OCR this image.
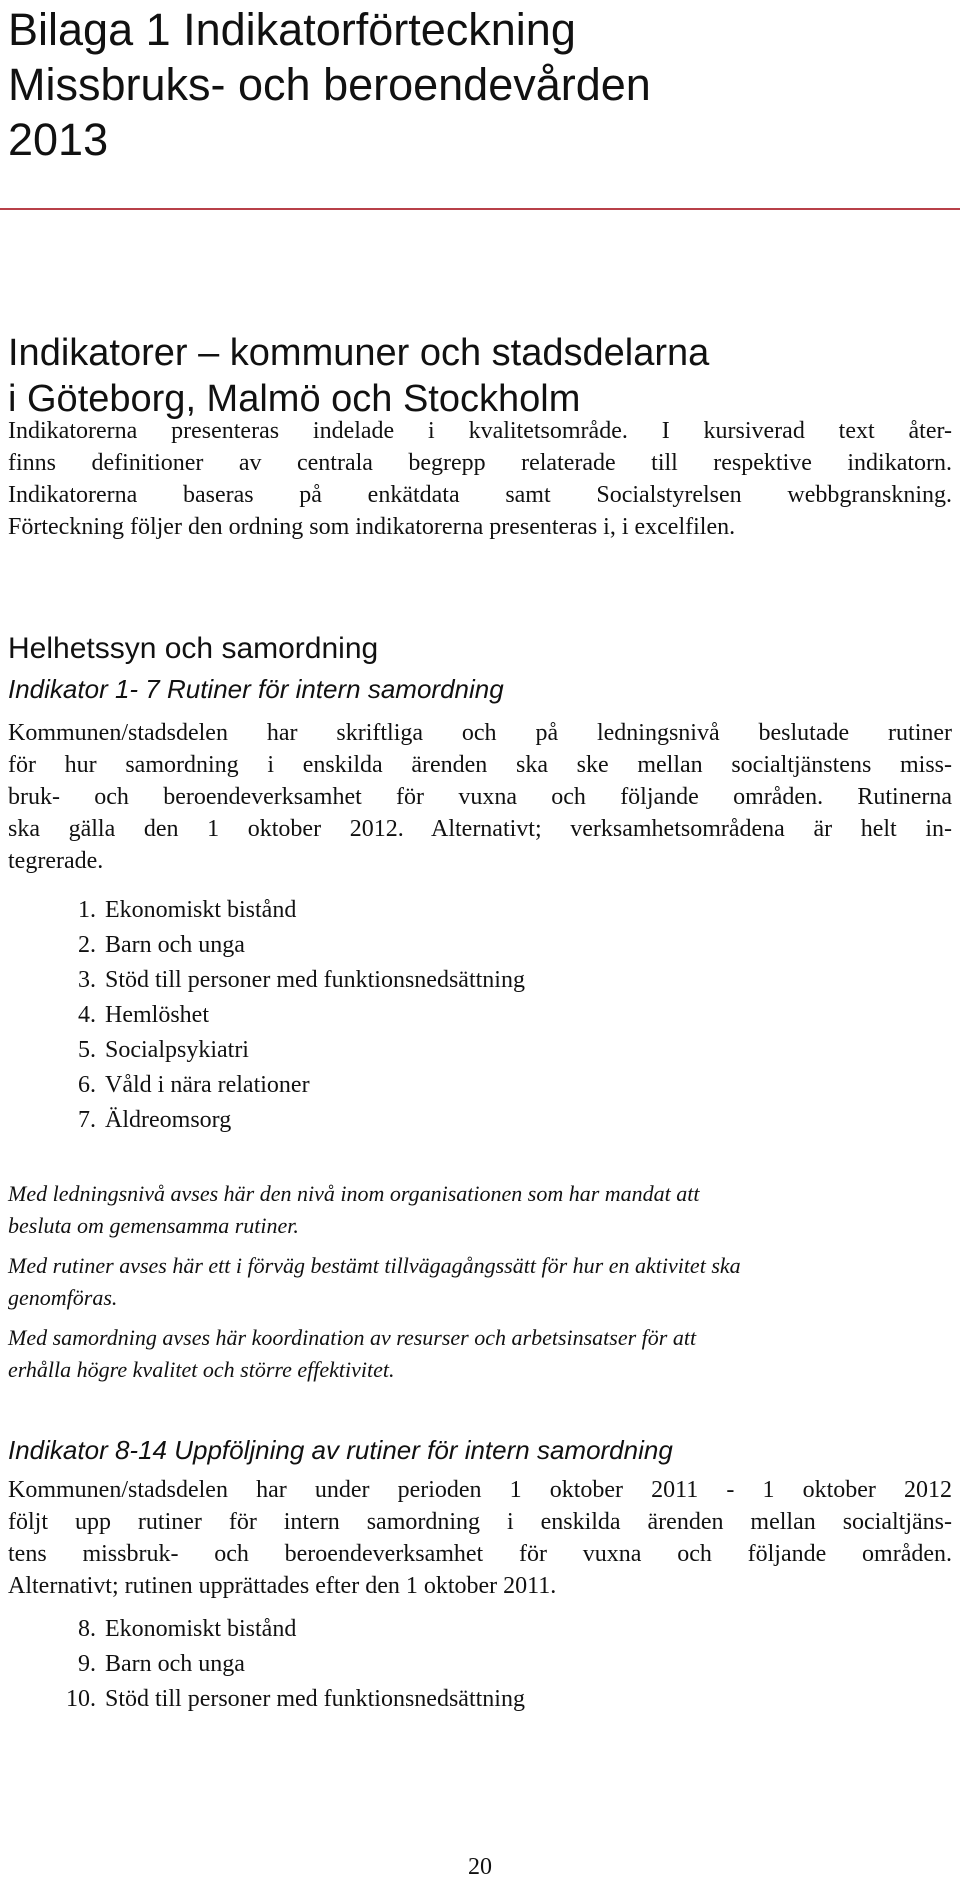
Bilaga 1 Indikatorförteckning
Missbruks- och beroendevården
2013
Indikatorer – kommuner och stadsdelarna
i Göteborg, Malmö och Stockholm

Indikatorerna presenteras indelade i kvalitetsområde. I kursiverad text åter-
finns definitioner av centrala begrepp relaterade till respektive indikatorn.
Indikatorerna baseras på enkätdata samt Socialstyrelsen webbgranskning.
Förteckning följer den ordning som indikatorerna presenteras i, i excelfilen.

Helhetssyn och samordning
Indikator 1- 7 Rutiner för intern samordning

Kommunen/stadsdelen har skriftliga och på ledningsnivå beslutade rutiner
för hur samordning i enskilda ärenden ska ske mellan socialtjänstens miss-
bruk- och beroendeverksamhet för vuxna och följande områden. Rutinerna
ska gälla den 1 oktober 2012. Alternativt; verksamhetsområdena är helt in-
tegrerade.

1. Ekonomiskt bistånd
2. Barn och unga
3. Stöd till personer med funktionsnedsättning
4. Hemlöshet
5. Socialpsykiatri
6. Våld i nära relationer
7. Äldreomsorg

Med ledningsnivå avses här den nivå inom organisationen som har mandat att
besluta om gemensamma rutiner.

Med rutiner avses här ett i förväg bestämt tillvägagångssätt för hur en aktivitet ska
genomföras.

Med samordning avses här koordination av resurser och arbetsinsatser för att
erhålla högre kvalitet och större effektivitet.

Indikator 8-14 Uppföljning av rutiner för intern samordning

Kommunen/stadsdelen har under perioden 1 oktober 2011 - 1 oktober 2012
följt upp rutiner för intern samordning i enskilda ärenden mellan socialtjäns-
tens missbruk- och beroendeverksamhet för vuxna och följande områden.
Alternativt; rutinen upprättades efter den 1 oktober 2011.

8. Ekonomiskt bistånd
9. Barn och unga
10. Stöd till personer med funktionsnedsättning
20
